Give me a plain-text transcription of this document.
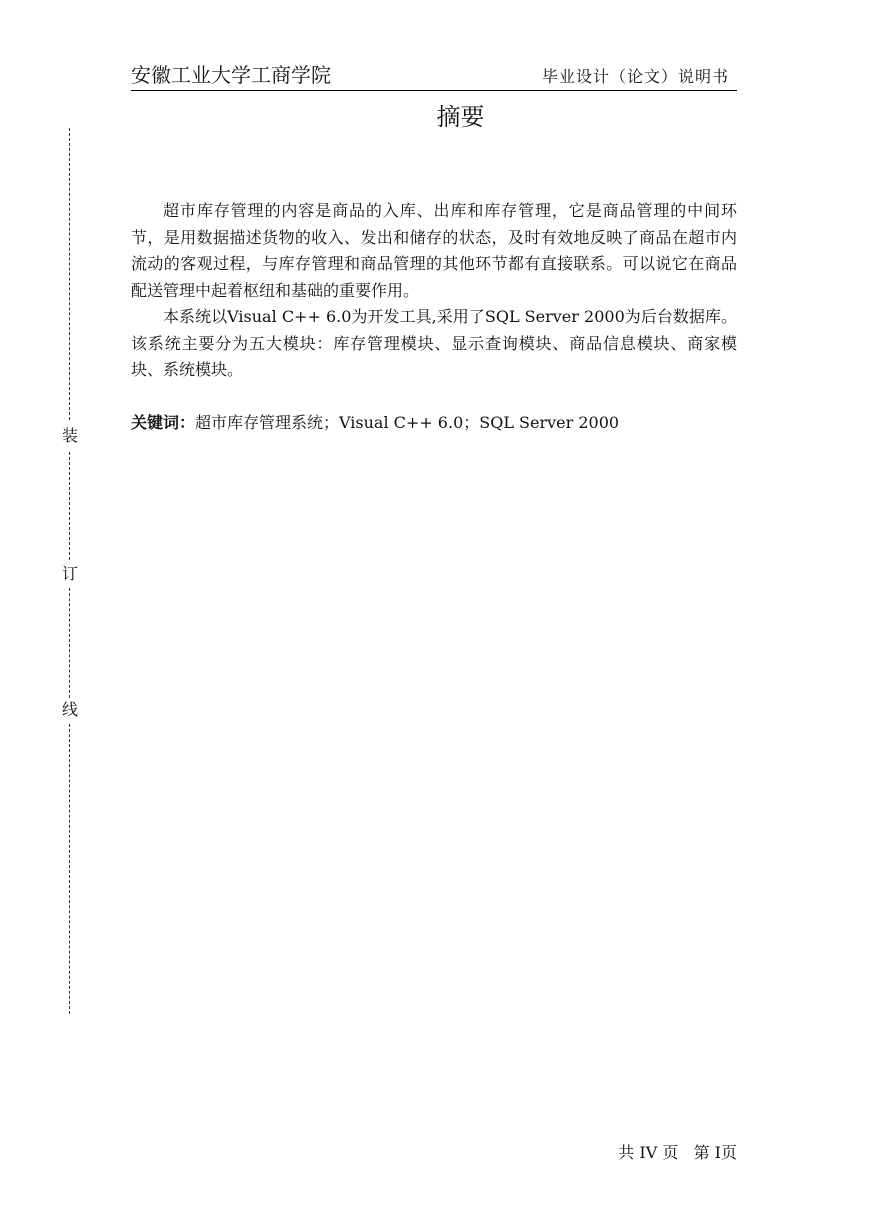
安徽工业大学工商学院	毕业设计（论文）说明书
摘要

超市库存管理的内容是商品的入库、出库和库存管理，它是商品管理的中间环节，是用数据描述货物的收入、发出和储存的状态，及时有效地反映了商品在超市内流动的客观过程，与库存管理和商品管理的其他环节都有直接联系。可以说它在商品配送管理中起着枢纽和基础的重要作用。

本系统以Visual C++ 6.0为开发工具,采用了SQL Server 2000为后台数据库。该系统主要分为五大模块：库存管理模块、显示查询模块、商品信息模块、商家模块、系统模块。

关键词：超市库存管理系统；Visual C++ 6.0；SQL Server 2000
装
订
线
共 IV 页   第 I页
